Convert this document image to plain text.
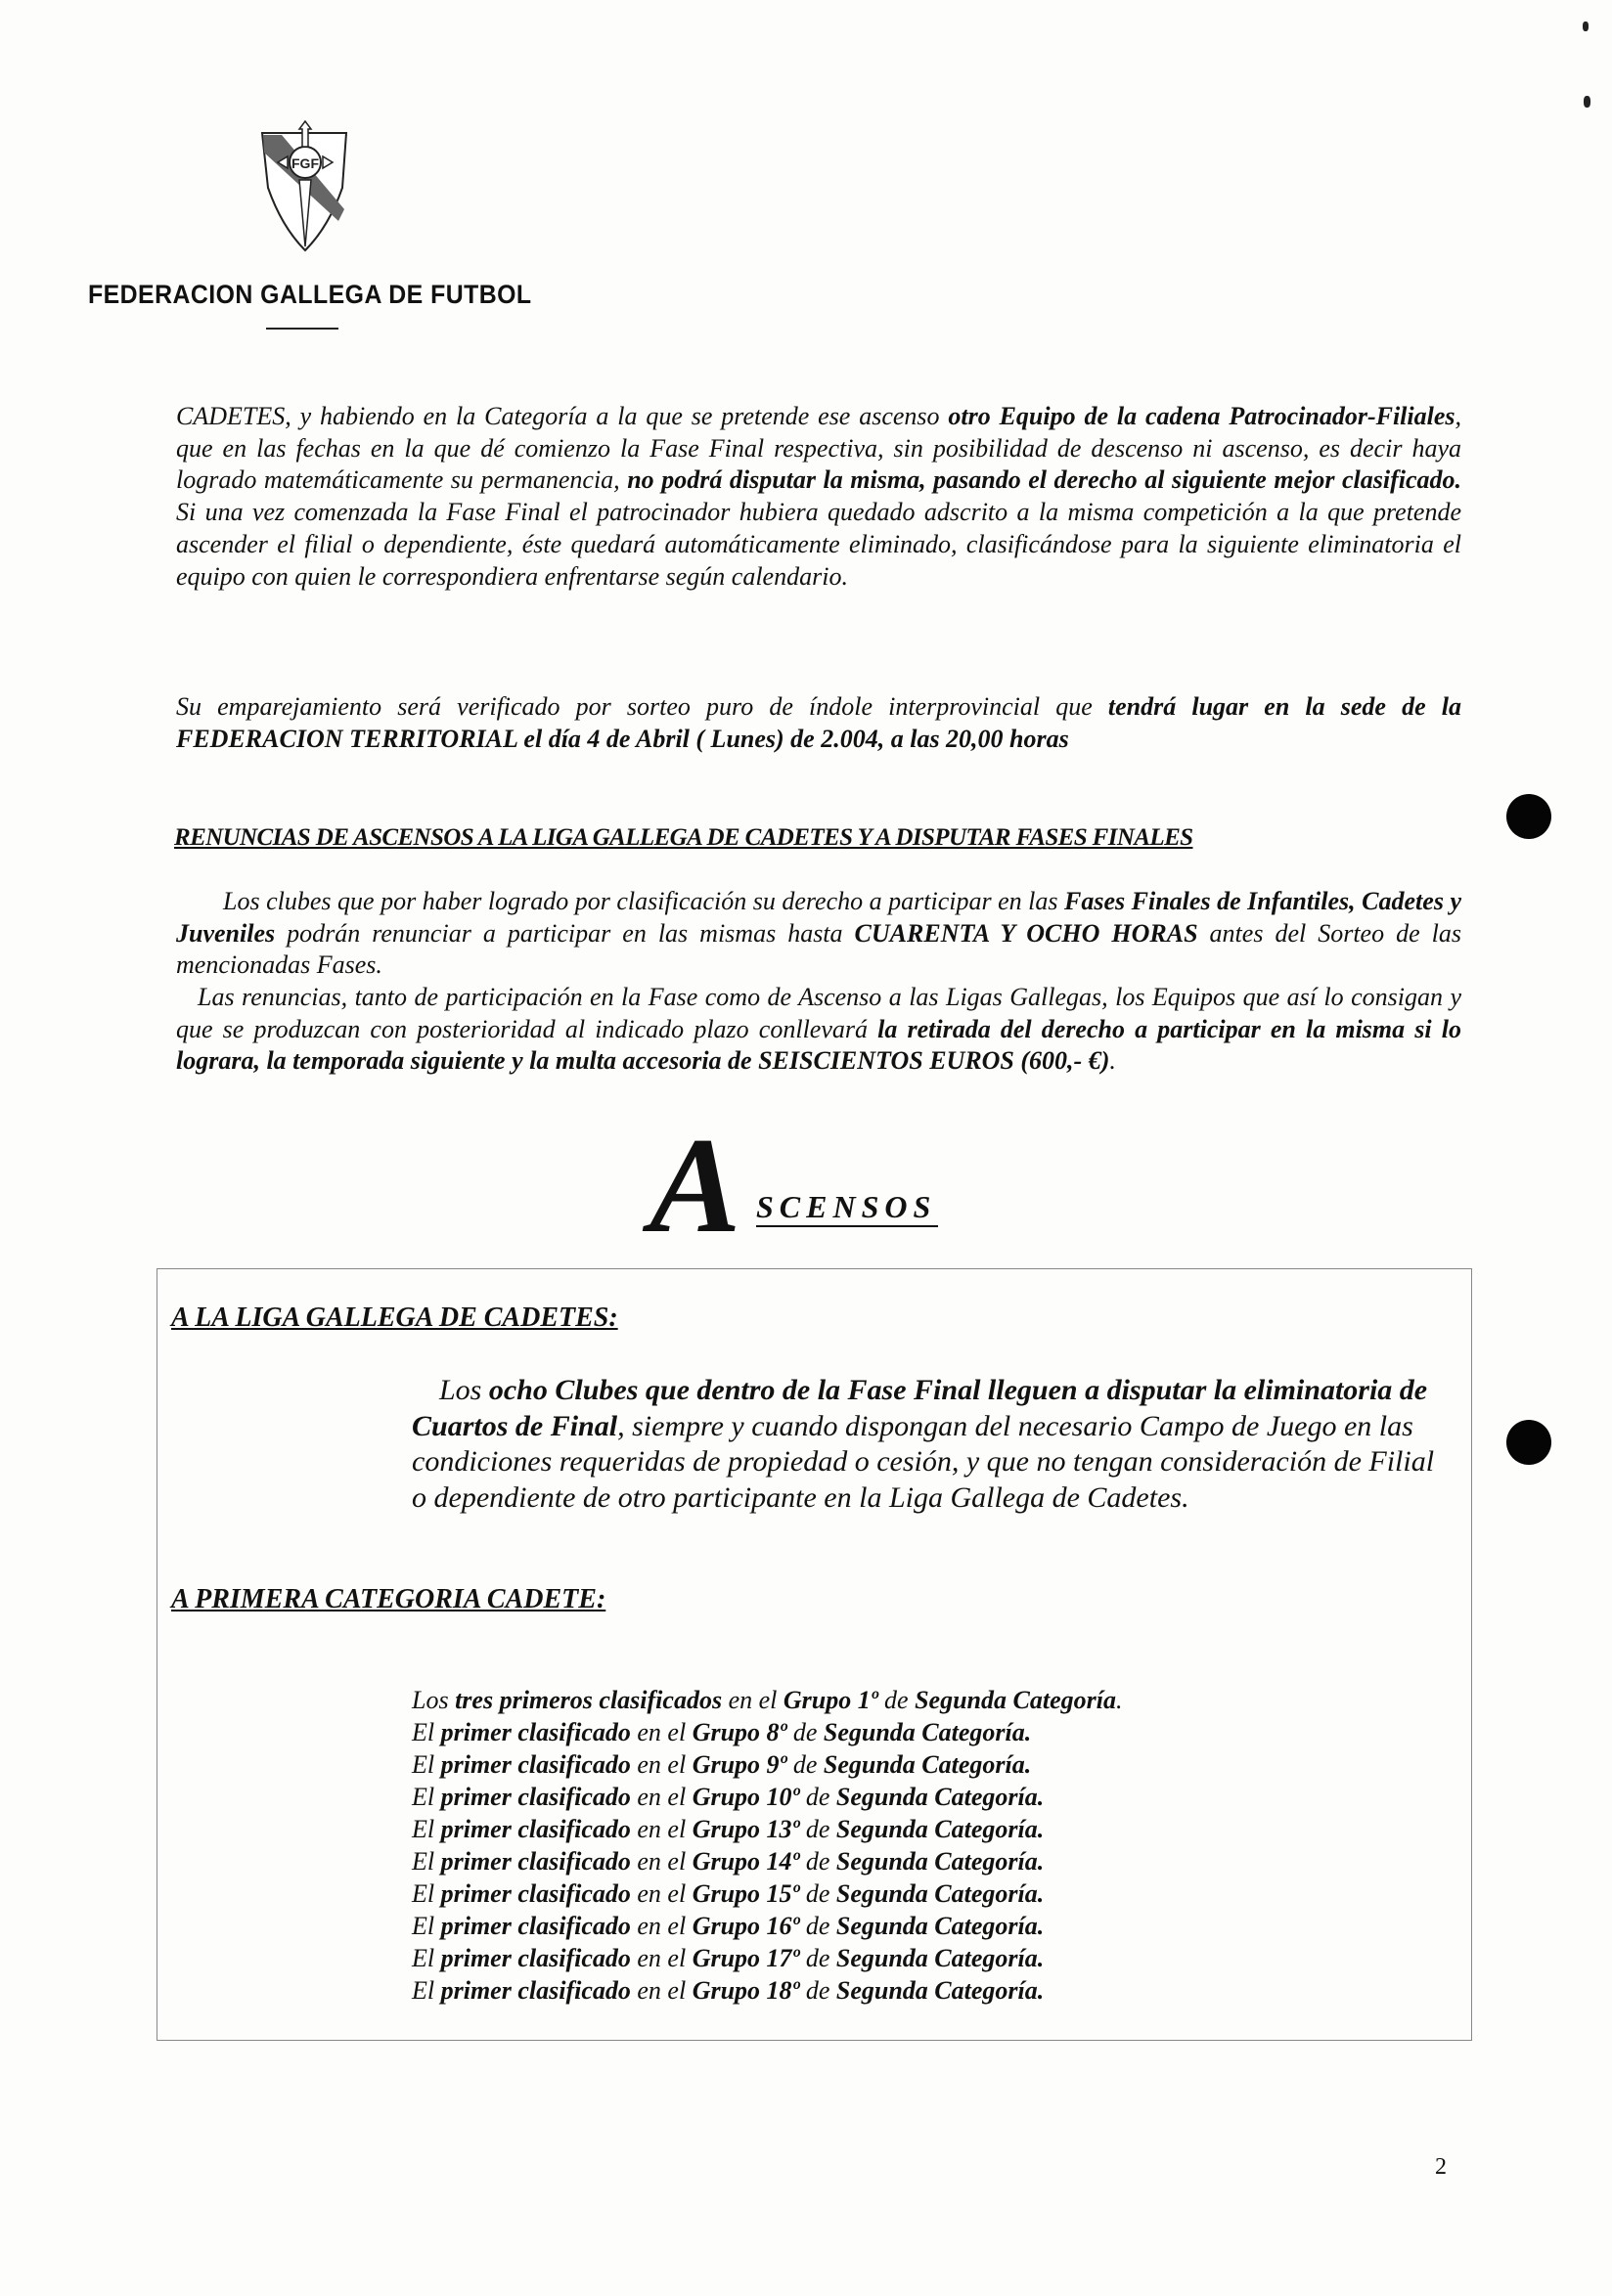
FGF
FEDERACION GALLEGA DE FUTBOL
CADETES, y habiendo en la Categoría a la que se pretende ese ascenso otro Equipo de la cadena Patrocinador-Filiales, que en las fechas en la que dé comienzo la Fase Final respectiva, sin posibilidad de descenso ni ascenso, es decir haya logrado matemáticamente su permanencia, no podrá disputar la misma, pasando el derecho al siguiente mejor clasificado. Si una vez comenzada la Fase Final el patrocinador hubiera quedado adscrito a la misma competición a la que pretende ascender el filial o dependiente, éste quedará automáticamente eliminado, clasificándose para la siguiente eliminatoria el equipo con quien le correspondiera enfrentarse según calendario.
Su emparejamiento será verificado por sorteo puro de índole interprovincial que tendrá lugar en la sede de la FEDERACION TERRITORIAL el día 4 de Abril ( Lunes) de 2.004, a las 20,00 horas
RENUNCIAS DE ASCENSOS A LA LIGA GALLEGA DE CADETES Y A DISPUTAR FASES FINALES
Los clubes que por haber logrado por clasificación su derecho a participar en las Fases Finales de Infantiles, Cadetes y Juveniles podrán renunciar a participar en las mismas hasta CUARENTA Y OCHO HORAS antes del Sorteo de las mencionadas Fases.
Las renuncias, tanto de participación en la Fase como de Ascenso a las Ligas Gallegas, los Equipos que así lo consigan y que se produzcan con posterioridad al indicado plazo conllevará la retirada del derecho a participar en la misma si lo lograra, la temporada siguiente y la multa accesoria de SEISCIENTOS EUROS (600,- €).
A SCENSOS
A LA LIGA GALLEGA DE CADETES:
Los ocho Clubes que dentro de la Fase Final lleguen a disputar la eliminatoria de Cuartos de Final, siempre y cuando dispongan del necesario Campo de Juego en las condiciones requeridas de propiedad o cesión, y que no tengan consideración de Filial o dependiente de otro participante en la Liga Gallega de Cadetes.
A PRIMERA CATEGORIA CADETE:
Los tres primeros clasificados en el Grupo 1º de Segunda Categoría.
El primer clasificado en el Grupo 8º de Segunda Categoría.
El primer clasificado en el Grupo 9º de Segunda Categoría.
El primer clasificado en el Grupo 10º de Segunda Categoría.
El primer clasificado en el Grupo 13º de Segunda Categoría.
El primer clasificado en el Grupo 14º de Segunda Categoría.
El primer clasificado en el Grupo 15º de Segunda Categoría.
El primer clasificado en el Grupo 16º de Segunda Categoría.
El primer clasificado en el Grupo 17º de Segunda Categoría.
El primer clasificado en el Grupo 18º de Segunda Categoría.
2
